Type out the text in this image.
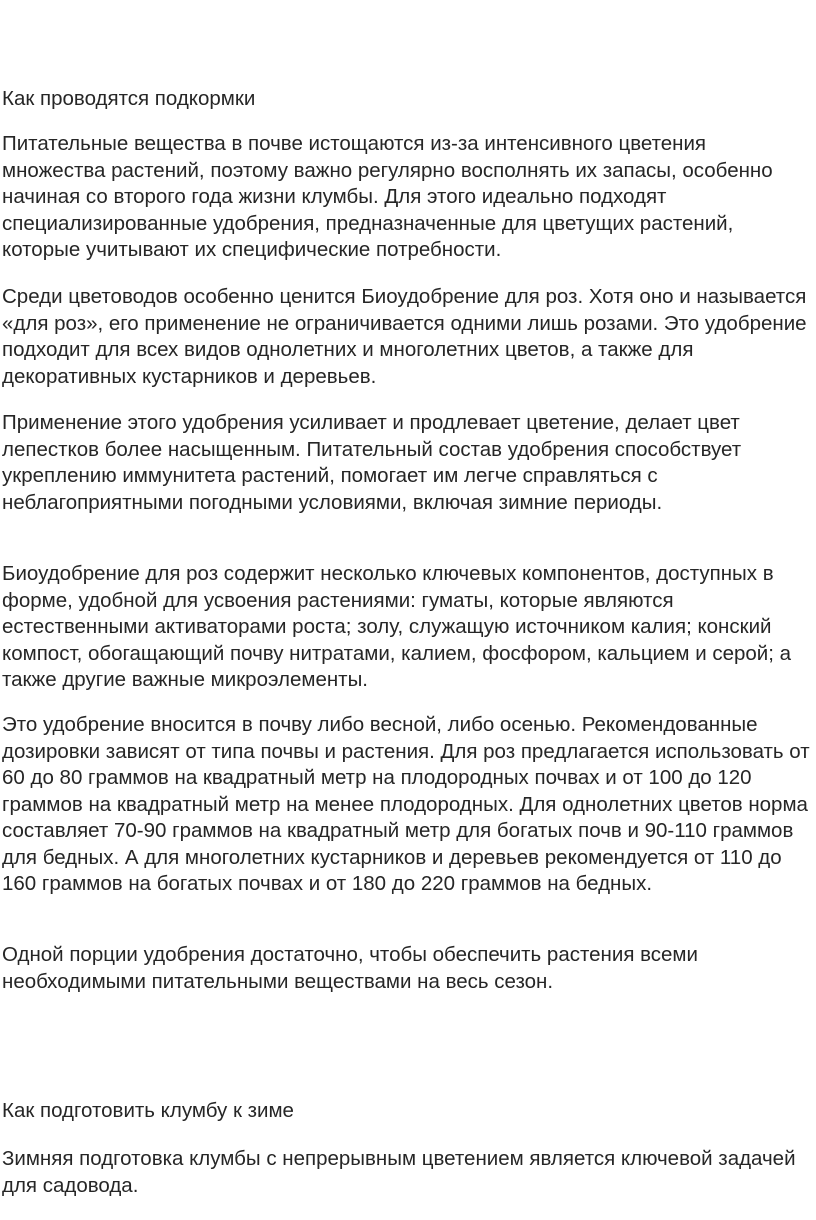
Как проводятся подкормки

Питательные вещества в почве истощаются из-за интенсивного цветения множества растений, поэтому важно регулярно восполнять их запасы, особенно начиная со второго года жизни клумбы. Для этого идеально подходят специализированные удобрения, предназначенные для цветущих растений, которые учитывают их специфические потребности.

Среди цветоводов особенно ценится Биоудобрение для роз. Хотя оно и называется «для роз», его применение не ограничивается одними лишь розами. Это удобрение подходит для всех видов однолетних и многолетних цветов, а также для декоративных кустарников и деревьев.

Применение этого удобрения усиливает и продлевает цветение, делает цвет лепестков более насыщенным. Питательный состав удобрения способствует укреплению иммунитета растений, помогает им легче справляться с неблагоприятными погодными условиями, включая зимние периоды.

Биоудобрение для роз содержит несколько ключевых компонентов, доступных в форме, удобной для усвоения растениями: гуматы, которые являются естественными активаторами роста; золу, служащую источником калия; конский компост, обогащающий почву нитратами, калием, фосфором, кальцием и серой; а также другие важные микроэлементы.

Это удобрение вносится в почву либо весной, либо осенью. Рекомендованные дозировки зависят от типа почвы и растения. Для роз предлагается использовать от 60 до 80 граммов на квадратный метр на плодородных почвах и от 100 до 120 граммов на квадратный метр на менее плодородных. Для однолетних цветов норма составляет 70-90 граммов на квадратный метр для богатых почв и 90-110 граммов для бедных. А для многолетних кустарников и деревьев рекомендуется от 110 до 160 граммов на богатых почвах и от 180 до 220 граммов на бедных.

Одной порции удобрения достаточно, чтобы обеспечить растения всеми необходимыми питательными веществами на весь сезон.

Как подготовить клумбу к зиме

Зимняя подготовка клумбы с непрерывным цветением является ключевой задачей для садовода.
